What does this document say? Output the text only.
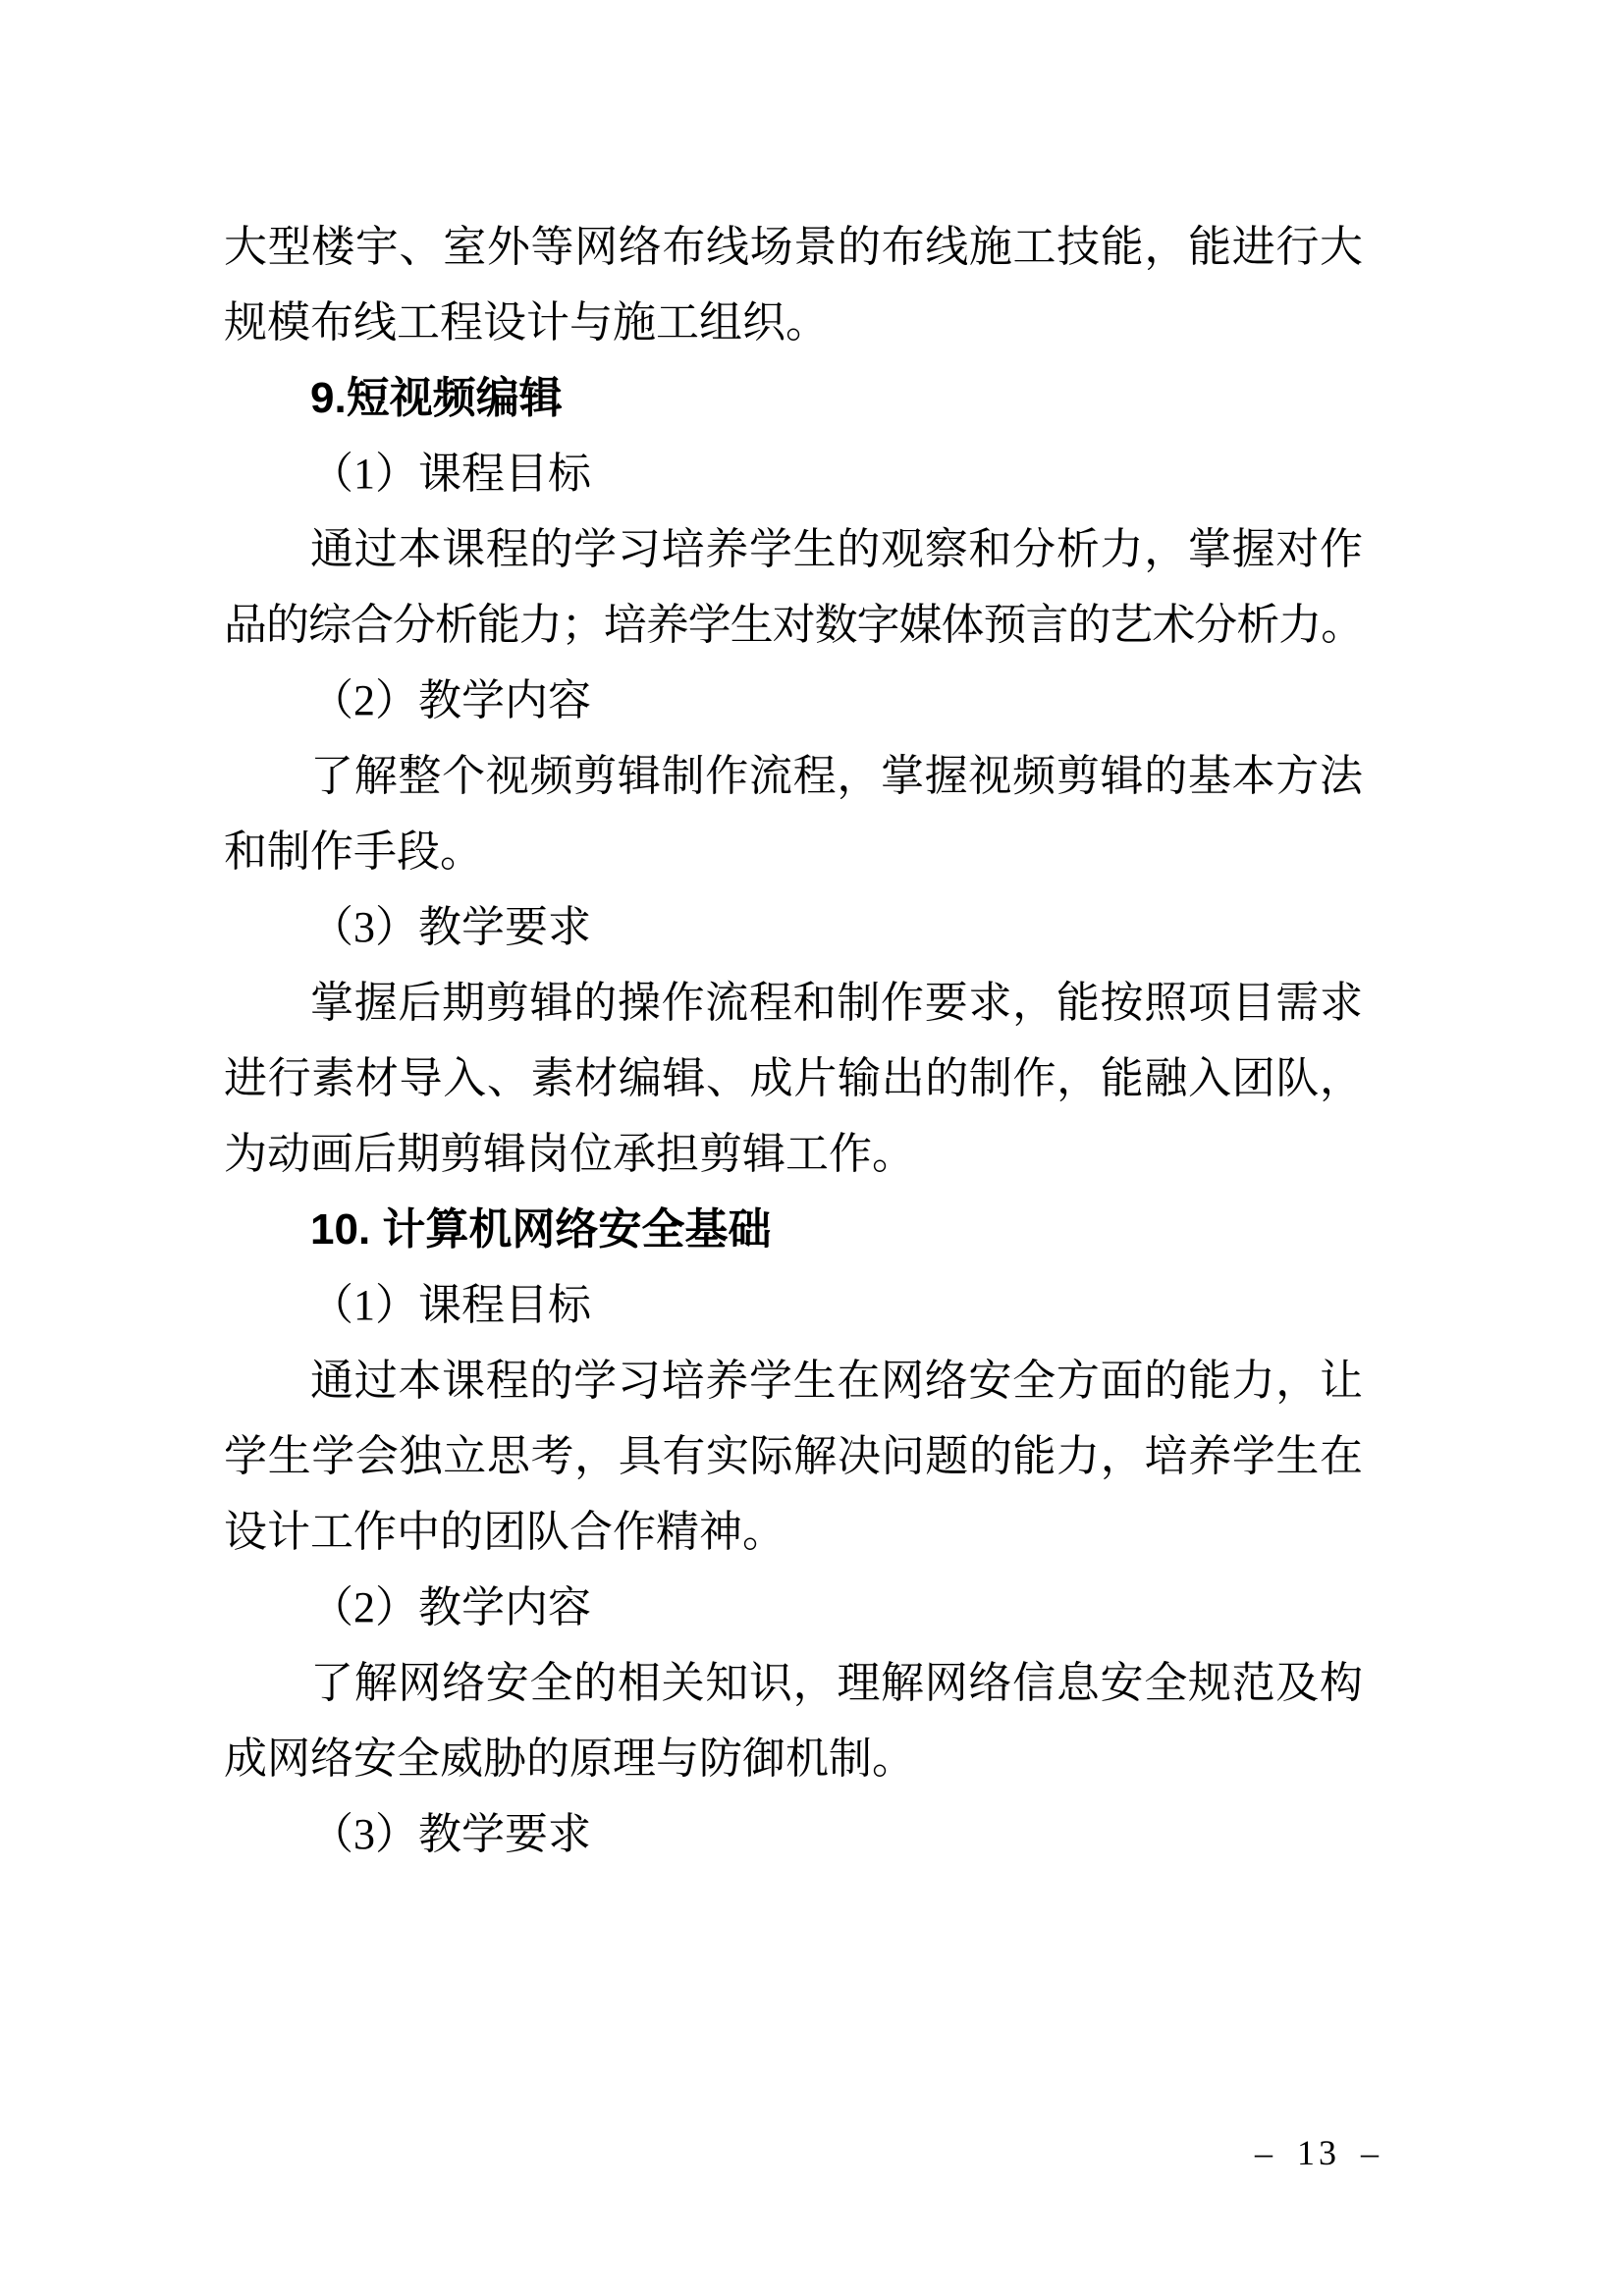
大型楼宇、室外等网络布线场景的布线施工技能，能进行大
规模布线工程设计与施工组织。
9.短视频编辑
（1）课程目标
通过本课程的学习培养学生的观察和分析力，掌握对作
品的综合分析能力；培养学生对数字媒体预言的艺术分析力。
（2）教学内容
了解整个视频剪辑制作流程，掌握视频剪辑的基本方法
和制作手段。
（3）教学要求
掌握后期剪辑的操作流程和制作要求，能按照项目需求
进行素材导入、素材编辑、成片输出的制作，能融入团队，
为动画后期剪辑岗位承担剪辑工作。
10. 计算机网络安全基础
（1）课程目标
通过本课程的学习培养学生在网络安全方面的能力，让
学生学会独立思考，具有实际解决问题的能力，培养学生在
设计工作中的团队合作精神。
（2）教学内容
了解网络安全的相关知识，理解网络信息安全规范及构
成网络安全威胁的原理与防御机制。
（3）教学要求
– 13 –
